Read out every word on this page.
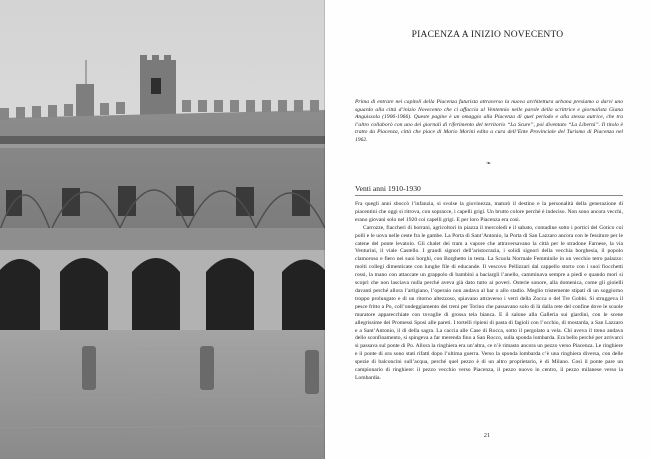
PIACENZA A INIZIO NOVECENTO

Prima di entrare nei capitoli della Piacenza futurista attraverso la nuova architettura urbana presiamo a darvi uno sguardo alla città d’inizio Novecento che ci affaccia al Ventennio nelle parole della scrittrice e giornalista Giana Anguissola (1906-1966). Queste pagine è un omaggio alla Piacenza di quel periodo e alla stessa autrice, che tra l’altro collaborò con uno dei giornali di riferimento del territorio “La Scure”, poi diventato “La Libertà”. Il titolo è tratto da Piacenza, città che piace di Mario Morini edito a cura dell’Ente Provinciale del Turismo di Piacenza nel 1962.

❧
Venti anni 1910-1930

Fra quegli anni sboccò l’infanzia, si svolse la giovinezza, maturò il destino e la personalità della generazione di piacentini che oggi si ritrova, con sopracce, i capelli grigi. Un brutto colore perché è indeciso. Non sono ancora vecchi, erano giovani solo nel 1920 coi capelli grigi. E per loro Piacenza era così.

Carrozze, fiaccheri di borrani, agricoltori in piazza il mercoledì e il sabato, contadine sotto i portici del Gotico coi polli e le uova nelle ceste fra le gambe. La Porta di Sant’Antonio, la Porta di San Lazzaro ancora con le fessiture per le catene del ponte levatoio. Gli chalet dei tram a vapore che attraversavano la città per le stradone Farnese, la via Venturini, il viale Castello. I grandi signori dell’aristocrazia, i solidi signori della vecchia borghesia, il popolo clamoroso e fiero nei suoi borghi, con Borghetto in testa. La Scuola Normale Femminile in un vecchio tetro palazzo: molti collegi dimenticate con lunghe file di educande. Il vescovo Pellizzari dal cappello storto con i suoi fiocchetti rossi, la mano con attaccate un grappolo di bambini a baciargli l’anello, camminava sempre a piedi e quando morì si scoprì che non lasciava nulla perché aveva già dato tutto ai poveri. Osterie sonore, alla domenica, come gli gioielli davanti perché allora l’artigiano, l’operaio non andava al bar o allo stadio. Meglio tristemente stipati di un soggiorno troppo prolungato e di un ritorno altezzoso, spiavano attraverso i vetri della Zocca o del Tre Gobbi. Si struggeva il pesce fritto a Po, coll’ondeggiamento dei treni per Torino che passavano solo di là dalla rete del confine dove le scuole muratore apparecchiate con tovaglie di grossa tela bianca. E il salone alla Galleria sui giardini, con le scene allegrissime dei Promessi Sposi alle pareti. I tortelli ripieni di pasta di fagioli con l’occhio, di mostarda, a San Lazzaro e a Sant’Antonio, il dì della sagra. La caccia alle Case di Rocca, sotto il pergolato a vela. Chi aveva il treno andava dello sconfinamento, si spingeva a far merenda fino a San Rocco, sulla sponda lombarda. Era bello perché per arrivarci si passava sul ponte di Po. Allora la ringhiera era un’altra, ce n’è rimasto ancora un pezzo verso Piacenza. Le ringhiere e il ponte di ora sono stati rifatti dopo l’ultima guerra. Verso la sponda lombarda c’è una ringhiera diversa, con delle spezie di balconcini sull’acqua, perché quel pezzo è di un altro proprietario, è di Milano. Così il ponte pare un campionario di ringhiere: il pezzo vecchio verso Piacenza, il pezzo nuovo in centro, il pezzo milanese verso la Lombardia.

21
